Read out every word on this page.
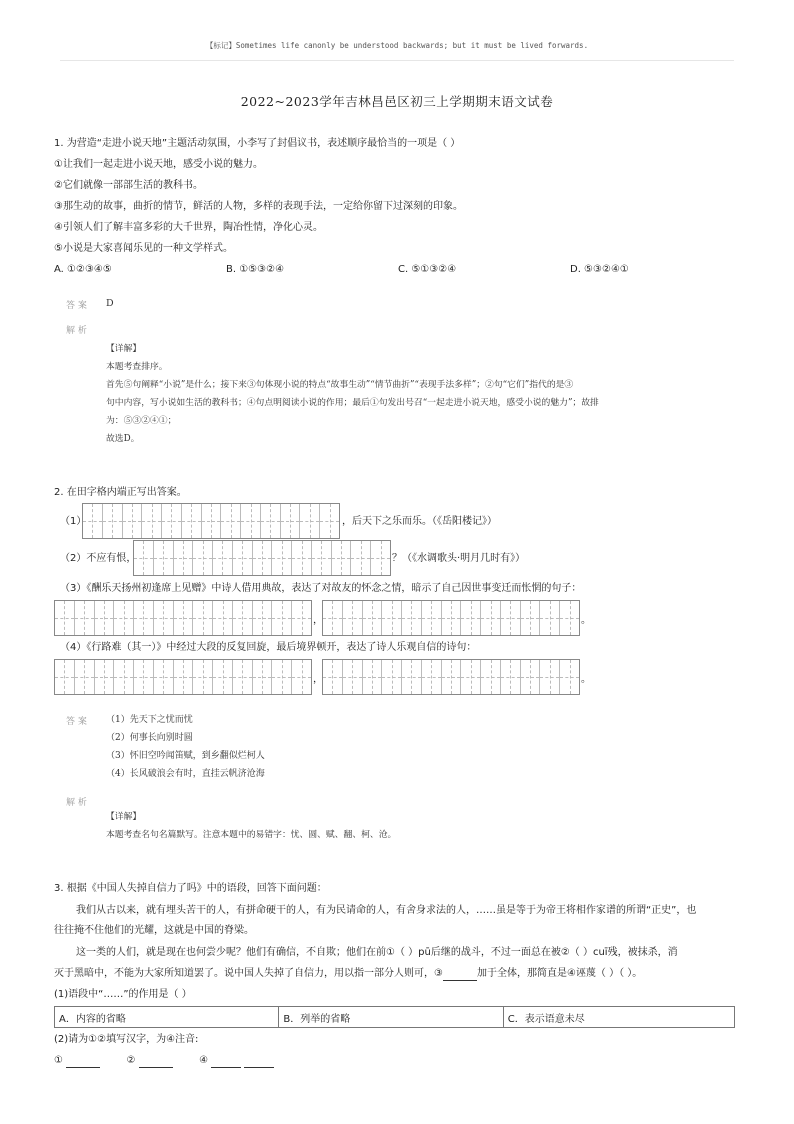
【标记】Sometimes life canonly be understood backwards; but it must be lived forwards.
2022~2023学年吉林昌邑区初三上学期期末语文试卷
1. 为营造“走进小说天地”主题活动氛围，小李写了封倡议书，表述顺序最恰当的一项是（ ）
①让我们一起走进小说天地，感受小说的魅力。
②它们就像一部部生活的教科书。
③那生动的故事，曲折的情节，鲜活的人物，多样的表现手法，一定给你留下过深刻的印象。
④引领人们了解丰富多彩的大千世界，陶冶性情，净化心灵。
⑤小说是大家喜闻乐见的一种文学样式。
A. ①②③④⑤	B. ①⑤③②④	C. ⑤①③②④	D. ⑤③②④①
答 案 D
解 析
【详解】
本题考查排序。
首先⑤句阐释“小说”是什么；接下来③句体现小说的特点“故事生动”“情节曲折”“表现手法多样”；②句“它们”指代的是③
句中内容，写小说如生活的教科书；④句点明阅读小说的作用；最后①句发出号召“一起走进小说天地，感受小说的魅力”；故排
为：⑤③②④①；
故选D。
2. 在田字格内端正写出答案。
（1）	，后天下之乐而乐。（《岳阳楼记》）
（2）不应有恨，	？（《水调歌头·明月几时有》）
（3）《酬乐天扬州初逢席上见赠》中诗人借用典故，表达了对故友的怀念之情，暗示了自己因世事变迁而怅惘的句子：
，	。
（4）《行路难（其一）》中经过大段的反复回旋，最后境界顿开，表达了诗人乐观自信的诗句：
，	。
答 案 （1）先天下之忧而忧
（2）何事长向别时圆
（3）怀旧空吟闻笛赋，到乡翻似烂柯人
（4）长风破浪会有时，直挂云帆济沧海
解 析
【详解】
本题考查名句名篇默写。注意本题中的易错字：忧、圆、赋、翻、柯、沧。
3. 根据《中国人失掉自信力了吗》中的语段，回答下面问题：
我们从古以来，就有埋头苦干的人，有拼命硬干的人，有为民请命的人，有舍身求法的人，……虽是等于为帝王将相作家谱的所谓“正史”，也
往往掩不住他们的光耀，这就是中国的脊梁。
这一类的人们，就是现在也何尝少呢？他们有确信，不自欺；他们在前①（ ）pū后继的战斗，不过一面总在被②（ ）cuī残，被抹杀，消
灭于黑暗中，不能为大家所知道罢了。说中国人失掉了自信力，用以指一部分人则可，③	加于全体，那简直是④诬蔑（ ）（ ）。
(1)语段中“……”的作用是（ ）
A．内容的省略	B．列举的省略	C．表示语意未尽
(2)请为①②填写汉字，为④注音:
①	②	④
